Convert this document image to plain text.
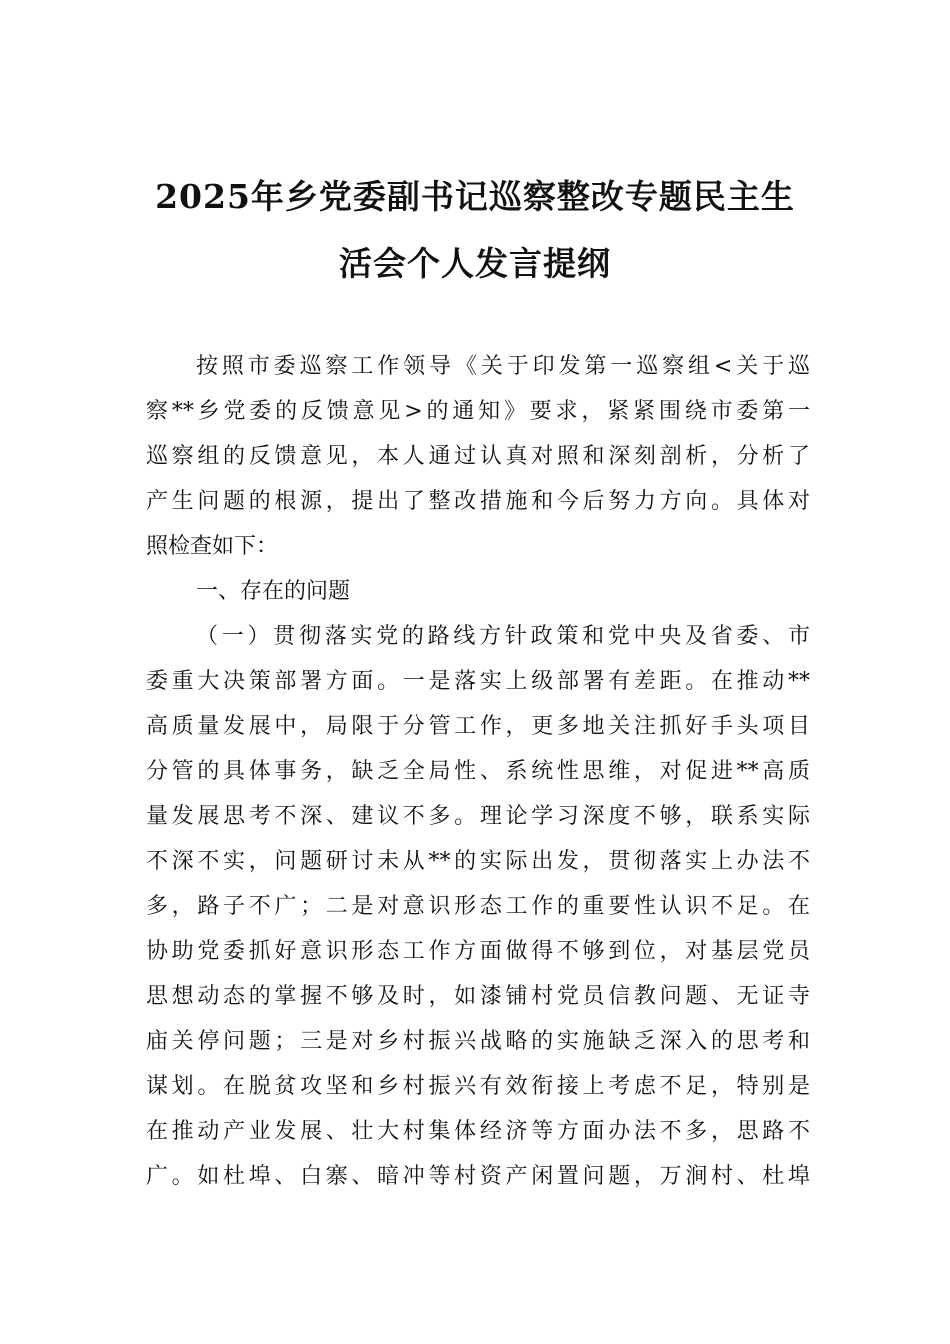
2025年乡党委副书记巡察整改专题民主生
活会个人发言提纲
按照市委巡察工作领导《关于印发第一巡察组<关于巡
察**乡党委的反馈意见>的通知》要求，紧紧围绕市委第一
巡察组的反馈意见，本人通过认真对照和深刻剖析，分析了
产生问题的根源，提出了整改措施和今后努力方向。具体对
照检查如下：
一、存在的问题
（一）贯彻落实党的路线方针政策和党中央及省委、市
委重大决策部署方面。一是落实上级部署有差距。在推动**
高质量发展中，局限于分管工作，更多地关注抓好手头项目
分管的具体事务，缺乏全局性、系统性思维，对促进**高质
量发展思考不深、建议不多。理论学习深度不够，联系实际
不深不实，问题研讨未从**的实际出发，贯彻落实上办法不
多，路子不广；二是对意识形态工作的重要性认识不足。在
协助党委抓好意识形态工作方面做得不够到位，对基层党员
思想动态的掌握不够及时，如漆铺村党员信教问题、无证寺
庙关停问题；三是对乡村振兴战略的实施缺乏深入的思考和
谋划。在脱贫攻坚和乡村振兴有效衔接上考虑不足，特别是
在推动产业发展、壮大村集体经济等方面办法不多，思路不
广。如杜埠、白寨、暗冲等村资产闲置问题，万涧村、杜埠
